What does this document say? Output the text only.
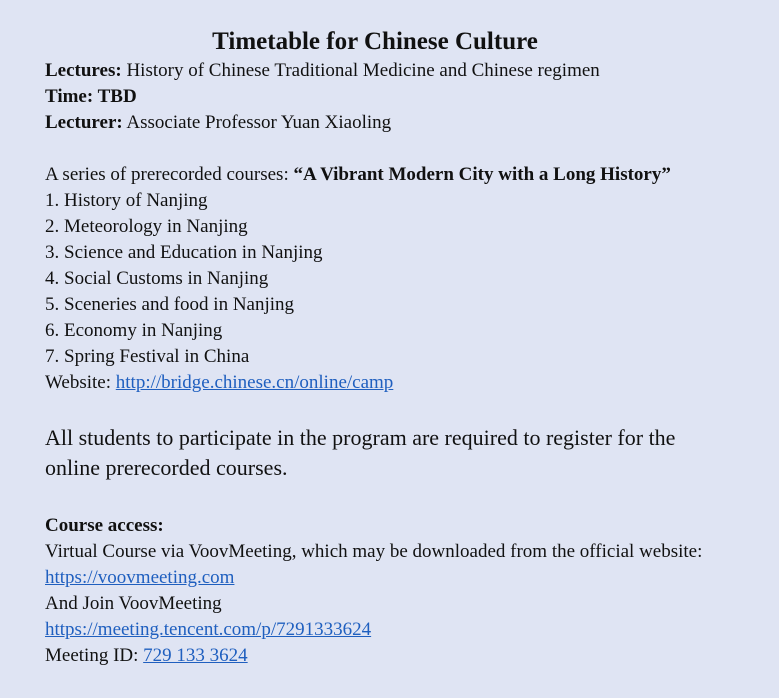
Timetable for Chinese Culture
Lectures: History of Chinese Traditional Medicine and Chinese regimen
Time: TBD
Lecturer: Associate Professor Yuan Xiaoling
A series of prerecorded courses: “A Vibrant Modern City with a Long History”
1. History of Nanjing
2. Meteorology in Nanjing
3. Science and Education in Nanjing
4. Social Customs in Nanjing
5. Sceneries and food in Nanjing
6. Economy in Nanjing
7. Spring Festival in China
Website: http://bridge.chinese.cn/online/camp
All students to participate in the program are required to register for the
online prerecorded courses.
Course access:
Virtual Course via VoovMeeting, which may be downloaded from the official website:
https://voovmeeting.com
And Join VoovMeeting
https://meeting.tencent.com/p/7291333624
Meeting ID: 729 133 3624
